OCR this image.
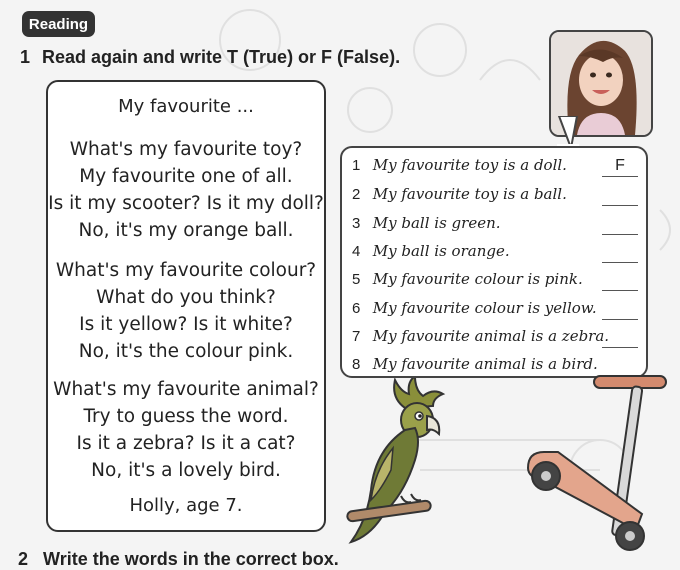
Reading
1 Read again and write T (True) or F (False).
My favourite ...
What's my favourite toy?
My favourite one of all.
Is it my scooter? Is it my doll?
No, it's my orange ball.
What's my favourite colour?
What do you think?
Is it yellow? Is it white?
No, it's the colour pink.
What's my favourite animal?
Try to guess the word.
Is it a zebra? Is it a cat?
No, it's a lovely bird.
Holly, age 7.
1 My favourite toy is a doll.	F
2 My favourite toy is a ball.
3 My ball is green.
4 My ball is orange.
5 My favourite colour is pink.
6 My favourite colour is yellow.
7 My favourite animal is a zebra.
8 My favourite animal is a bird.
2 Write the words in the correct box.
